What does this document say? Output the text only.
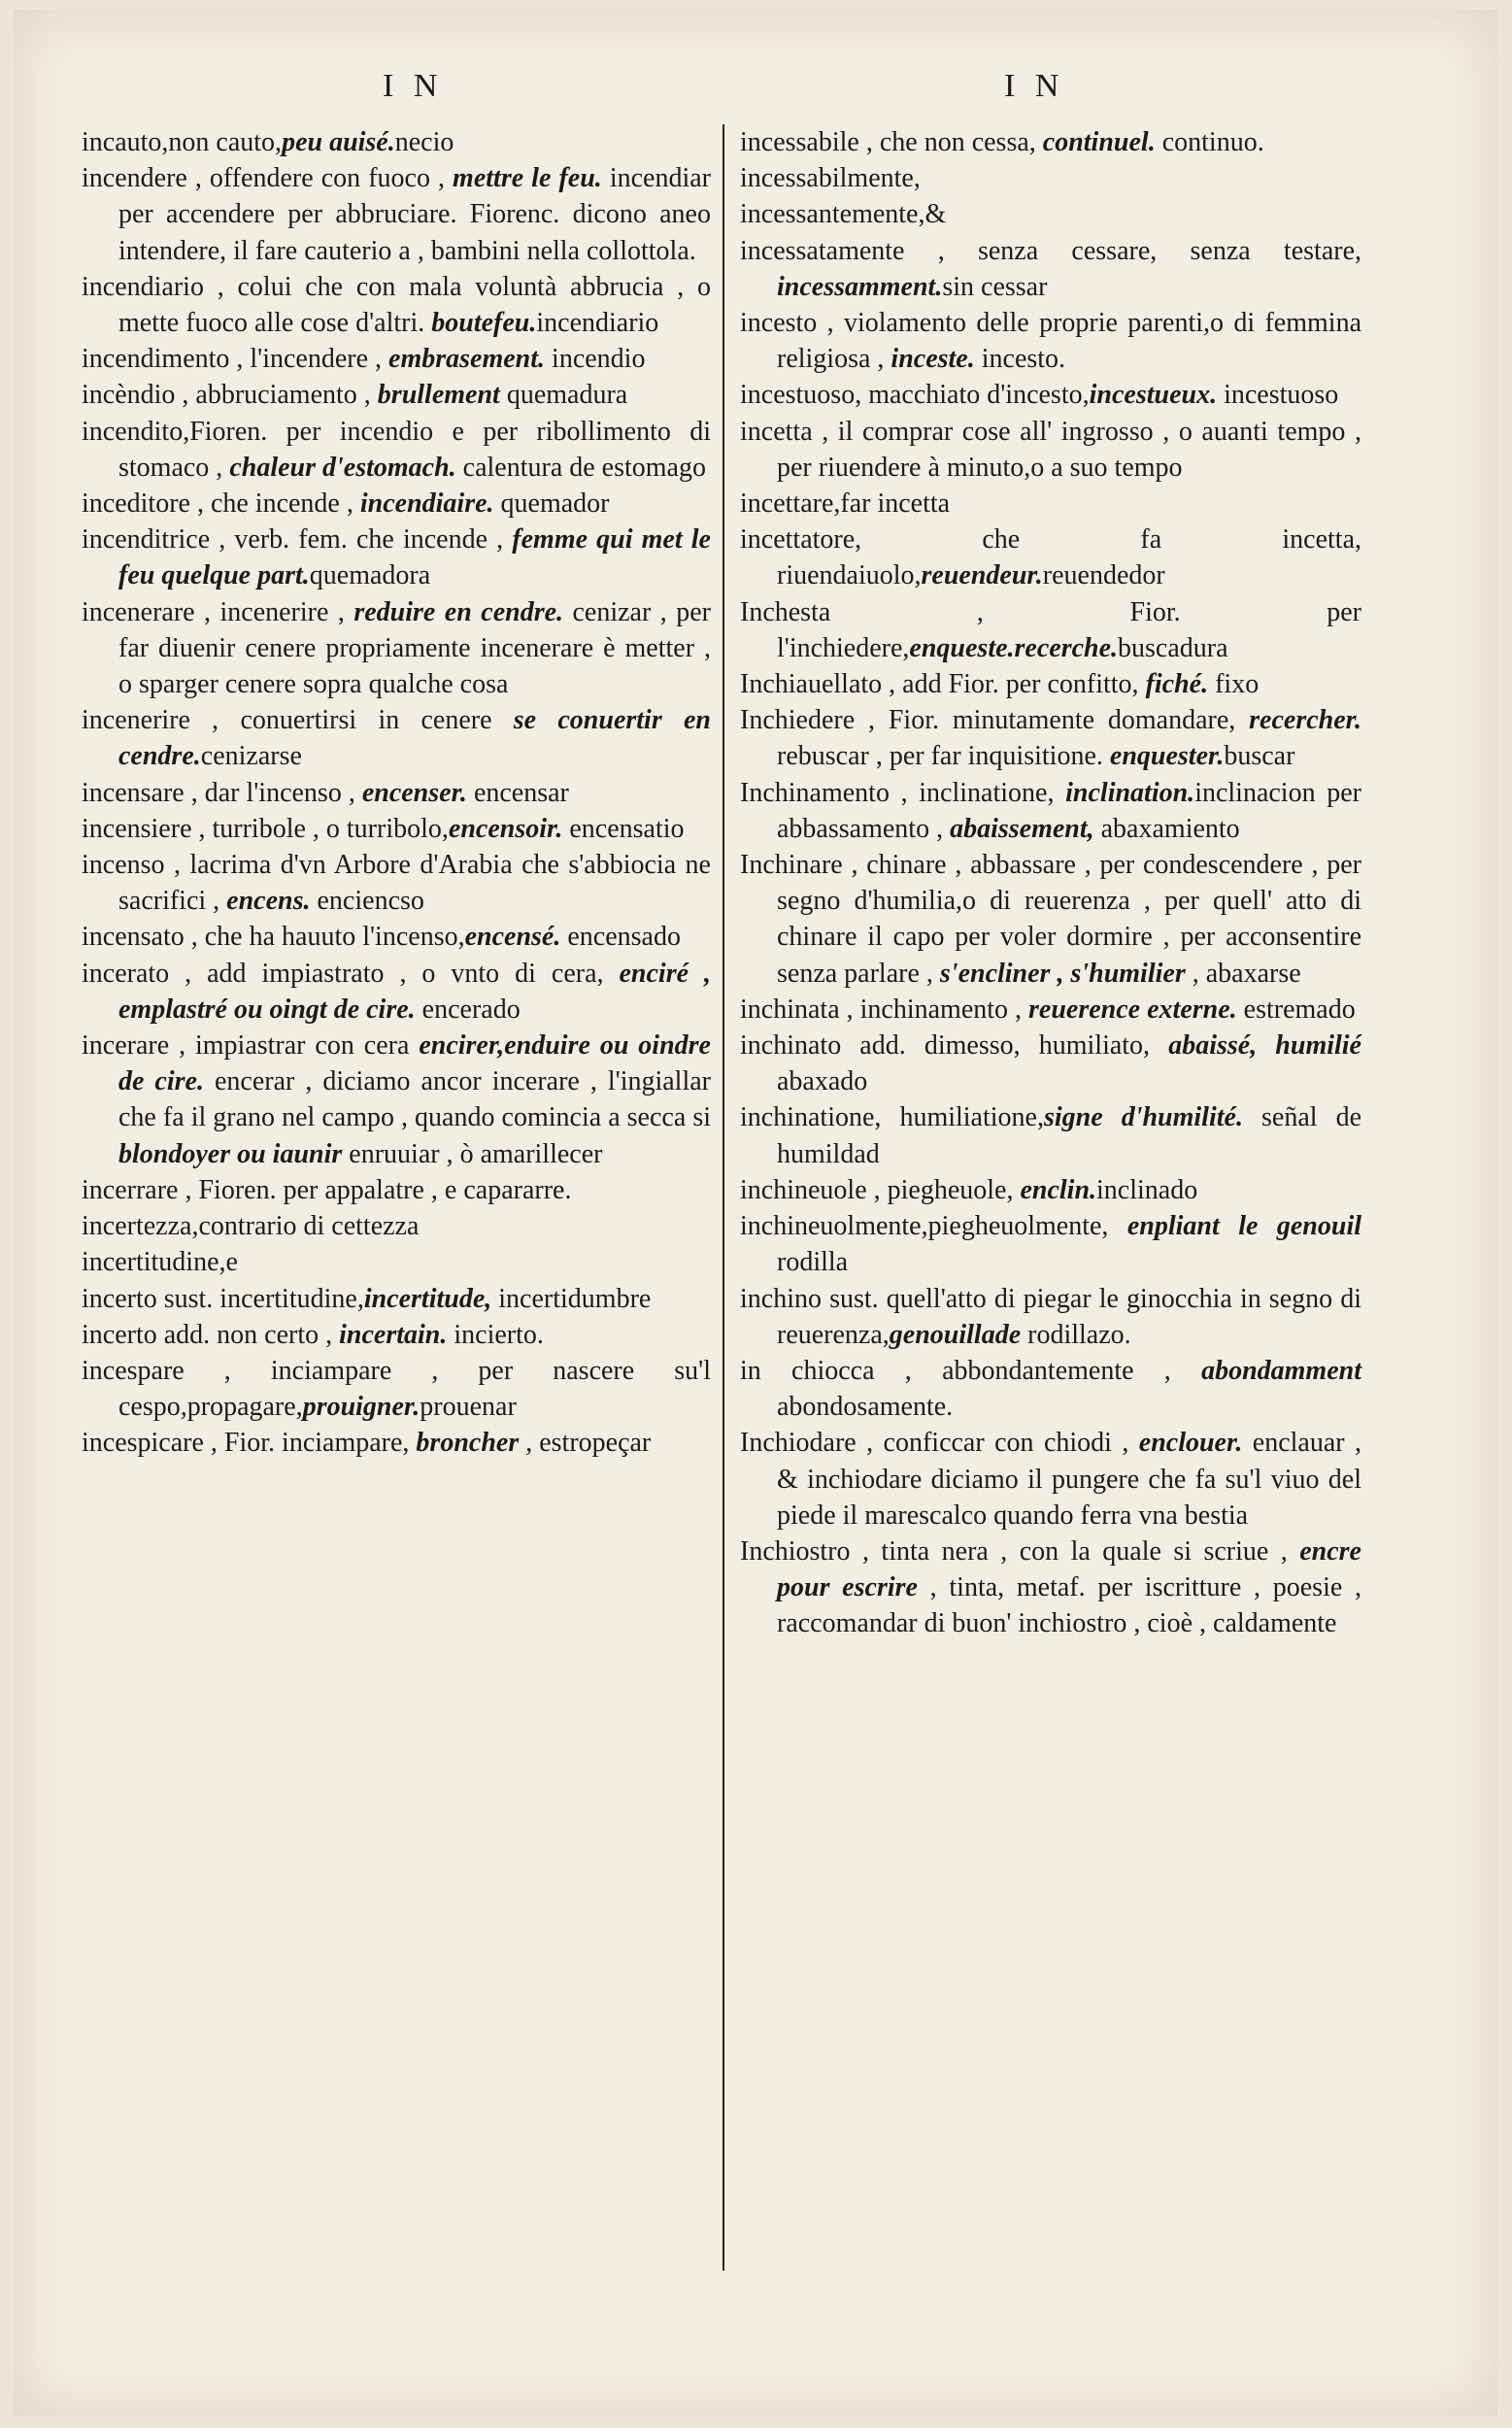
I N	I N

incauto,non cauto,peu auisé.necio

incendere , offendere con fuoco , mettre le feu. incendiar per accendere per abbruciare. Fiorenc. dicono aneo intendere, il fare cauterio a , bambini nella collottola.

incendiario , colui che con mala voluntà abbrucia , o mette fuoco alle cose d'altri. boutefeu.incendiario

incendimento , l'incendere , embrasement. incendio

incèndio , abbruciamento , brullement quemadura

incendito,Fioren. per incendio e per ribollimento di stomaco , chaleur d'estomach. calentura de estomago

inceditore , che incende , incendiaire. quemador

incenditrice , verb. fem. che incende , femme qui met le feu quelque part.quemadora

incenerare , incenerire , reduire en cendre. cenizar , per far diuenir cenere propriamente incenerare è metter , o sparger cenere sopra qualche cosa

incenerire , conuertirsi in cenere se conuertir en cendre.cenizarse

incensare , dar l'incenso , encenser. encensar

incensiere , turribole , o turribolo,encensoir. encensatio

incenso , lacrima d'vn Arbore d'Arabia che s'abbiocia ne sacrifici , encens. enciencso

incensato , che ha hauuto l'incenso,encensé. encensado

incerato , add impiastrato , o vnto di cera, enciré , emplastré ou oingt de cire. encerado

incerare , impiastrar con cera encirer,enduire ou oindre de cire. encerar , diciamo ancor incerare , l'ingiallar che fa il grano nel campo , quando comincia a secca si blondoyer ou iaunir enruuiar , ò amarillecer

incerrare , Fioren. per appalatre , e capararre.

incertezza,contrario di cettezza

incertitudine,e

incerto sust. incertitudine,incertitude, incertidumbre

incerto add. non certo , incertain. incierto.

incespare , inciampare , per nascere su'l cespo,propagare,prouigner.prouenar

incespicare , Fior. inciampare, broncher , estropeçar

incessabile , che non cessa, continuel. continuo.

incessabilmente,

incessantemente,&

incessatamente , senza cessare, senza testare, incessamment.sin cessar

incesto , violamento delle proprie parenti,o di femmina religiosa , inceste. incesto.

incestuoso, macchiato d'incesto,incestueux. incestuoso

incetta , il comprar cose all' ingrosso , o auanti tempo , per riuendere à minuto,o a suo tempo

incettare,far incetta

incettatore, che fa incetta, riuendaiuolo,reuendeur.reuendedor

Inchesta , Fior. per l'inchiedere,enqueste.recerche.buscadura

Inchiauellato , add Fior. per confitto, fiché. fixo

Inchiedere , Fior. minutamente domandare, recercher. rebuscar , per far inquisitione. enquester.buscar

Inchinamento , inclinatione, inclination.inclinacion per abbassamento , abaissement, abaxamiento

Inchinare , chinare , abbassare , per condescendere , per segno d'humilia,o di reuerenza , per quell' atto di chinare il capo per voler dormire , per acconsentire senza parlare , s'encliner , s'humilier , abaxarse

inchinata , inchinamento , reuerence externe. estremado

inchinato add. dimesso, humiliato, abaissé, humilié abaxado

inchinatione, humiliatione,signe d'humilité. señal de humildad

inchineuole , piegheuole, enclin.inclinado

inchineuolmente,piegheuolmente, enpliant le genouil rodilla

inchino sust. quell'atto di piegar le ginocchia in segno di reuerenza,genouillade rodillazo.

in chiocca , abbondantemente , abondamment abondosamente.

Inchiodare , conficcar con chiodi , enclouer. enclauar , & inchiodare diciamo il pungere che fa su'l viuo del piede il marescalco quando ferra vna bestia

Inchiostro , tinta nera , con la quale si scriue , encre pour escrire , tinta, metaf. per iscritture , poesie , raccomandar di buon' inchiostro , cioè , caldamente
